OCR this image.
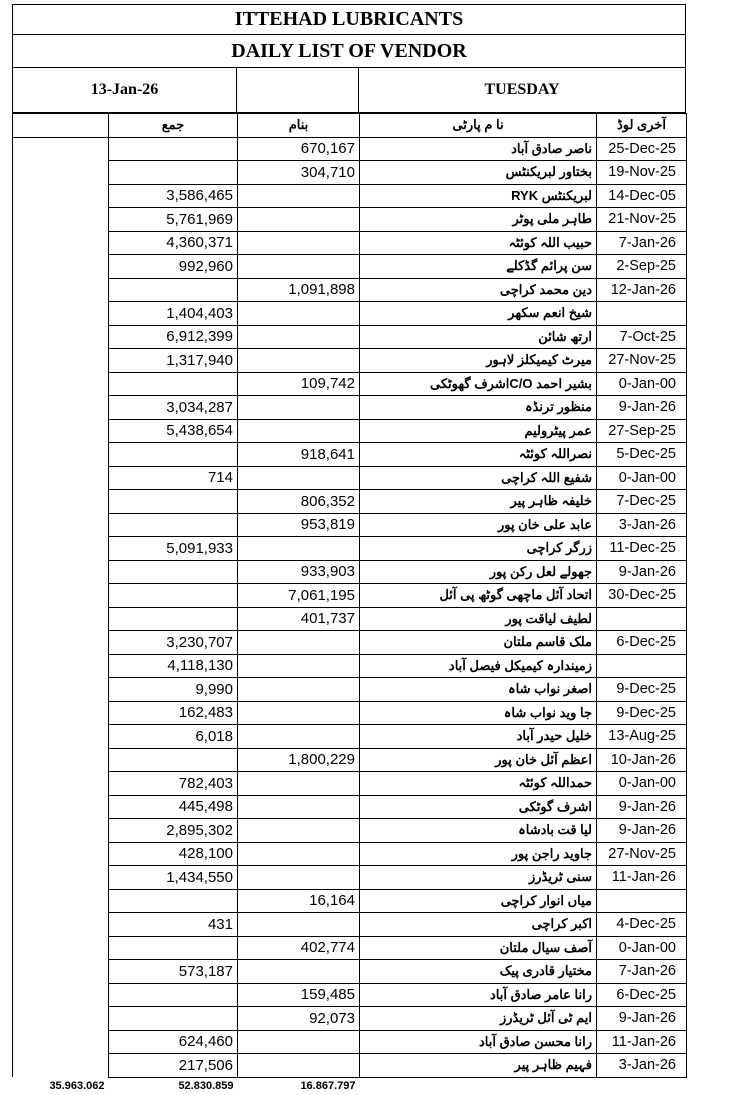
ITTEHAD LUBRICANTS
DAILY LIST OF VENDOR
13-Jan-26	TUESDAY
	جمع	بنام	نا م پارٹی	آخری لوڈ
		670,167	ناصر صادق آباد	25-Dec-25
		304,710	بختاور لبریکنٹس	19-Nov-25
	3,586,465		لبریکنٹس RYK	14-Dec-05
	5,761,969		طاہر ملی پوٹر	21-Nov-25
	4,360,371		حبیب اللہ کوئٹہ	7-Jan-26
	992,960		سن پرائم گڈکلے	2-Sep-25
		1,091,898	دین محمد کراچی	12-Jan-26
	1,404,403		شیخ انعم سکھر	
	6,912,399		ارتھ شائن	7-Oct-25
	1,317,940		میرٹ کیمیکلز لاہور	27-Nov-25
		109,742	بشیر احمد C/Oاشرف گھوٹکی	0-Jan-00
	3,034,287		منظور ترنڈہ	9-Jan-26
	5,438,654		عمر پیٹرولیم	27-Sep-25
		918,641	نصراللہ کوئٹہ	5-Dec-25
	714		شفیع اللہ کراچی	0-Jan-00
		806,352	خلیفہ ظاہر پیر	7-Dec-25
		953,819	عابد علی خان پور	3-Jan-26
	5,091,933		زرگر کراچی	11-Dec-25
		933,903	جھولے لعل رکن پور	9-Jan-26
		7,061,195	اتحاد آئل ماچھی گوٹھ پی آئل	30-Dec-25
		401,737	لطیف لیاقت پور	
	3,230,707		ملک قاسم ملتان	6-Dec-25
	4,118,130		زمیندارہ کیمیکل فیصل آباد	
	9,990		اصغر نواب شاہ	9-Dec-25
	162,483		جا وید نواب شاہ	9-Dec-25
	6,018		خلیل حیدر آباد	13-Aug-25
		1,800,229	اعظم آئل خان پور	10-Jan-26
	782,403		حمداللہ کوئٹہ	0-Jan-00
	445,498		اشرف گوٹکی	9-Jan-26
	2,895,302		لیا قت بادشاہ	9-Jan-26
	428,100		جاوید راجن پور	27-Nov-25
	1,434,550		سنی ٹریڈرز	11-Jan-26
		16,164	میاں انوار کراچی	
	431		اکبر کراچی	4-Dec-25
		402,774	آصف سیال ملتان	0-Jan-00
	573,187		مختیار قادری پیک	7-Jan-26
		159,485	رانا عامر صادق آباد	6-Dec-25
		92,073	ایم ٹی آئل ٹریڈرز	9-Jan-26
	624,460		رانا محسن صادق آباد	11-Jan-26
	217,506		فہیم ظاہر پیر	3-Jan-26
35.963.062	52.830.859	16.867.797		
